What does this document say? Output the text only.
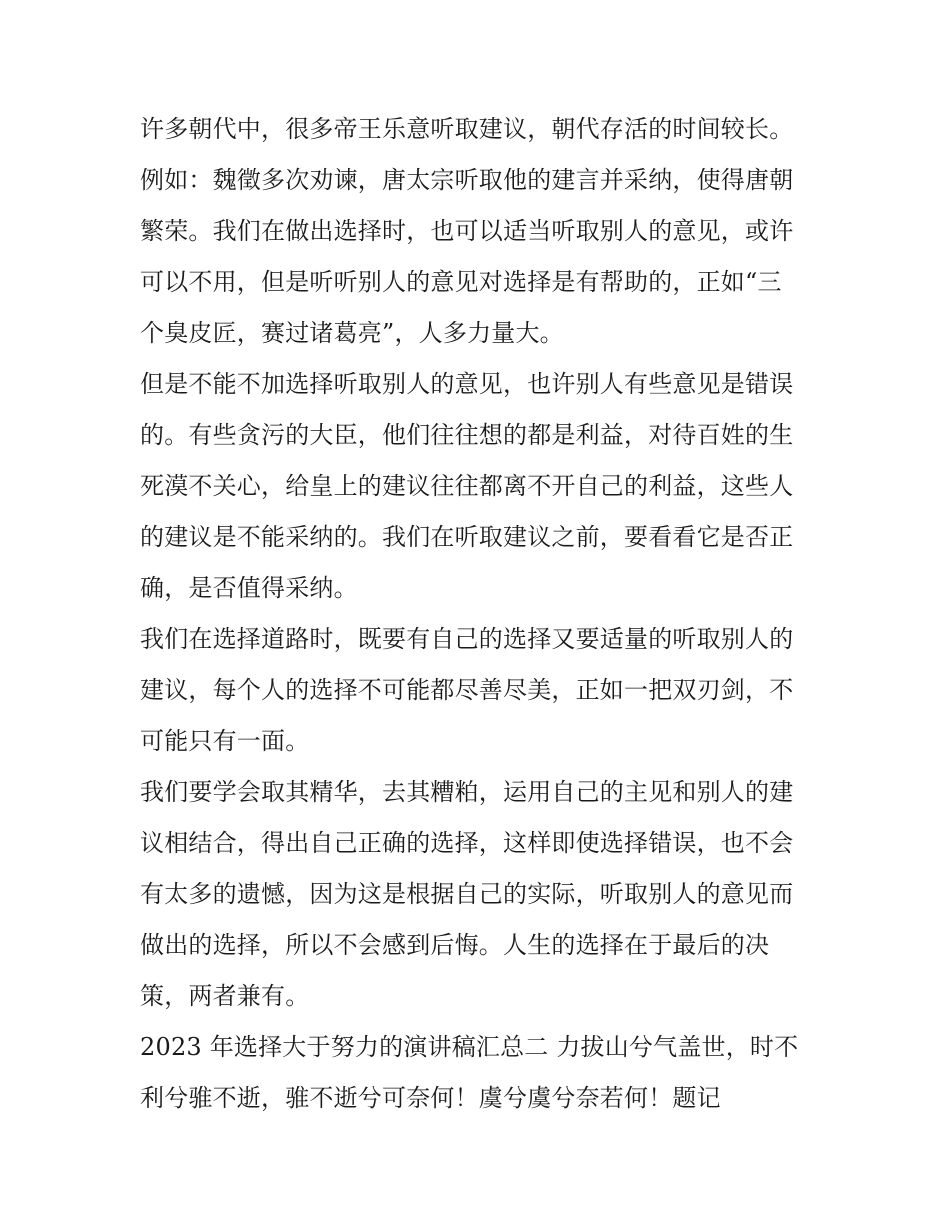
许多朝代中，很多帝王乐意听取建议，朝代存活的时间较长。
例如：魏徵多次劝谏，唐太宗听取他的建言并采纳，使得唐朝
繁荣。我们在做出选择时，也可以适当听取别人的意见，或许
可以不用，但是听听别人的意见对选择是有帮助的，正如“三
个臭皮匠，赛过诸葛亮”，人多力量大。
但是不能不加选择听取别人的意见，也许别人有些意见是错误
的。有些贪污的大臣，他们往往想的都是利益，对待百姓的生
死漠不关心，给皇上的建议往往都离不开自己的利益，这些人
的建议是不能采纳的。我们在听取建议之前，要看看它是否正
确，是否值得采纳。
我们在选择道路时，既要有自己的选择又要适量的听取别人的
建议，每个人的选择不可能都尽善尽美，正如一把双刃剑，不
可能只有一面。
我们要学会取其精华，去其糟粕，运用自己的主见和别人的建
议相结合，得出自己正确的选择，这样即使选择错误，也不会
有太多的遗憾，因为这是根据自己的实际，听取别人的意见而
做出的选择，所以不会感到后悔。人生的选择在于最后的决
策，两者兼有。
2023 年选择大于努力的演讲稿汇总二 力拔山兮气盖世，时不
利兮骓不逝，骓不逝兮可奈何！虞兮虞兮奈若何！题记
